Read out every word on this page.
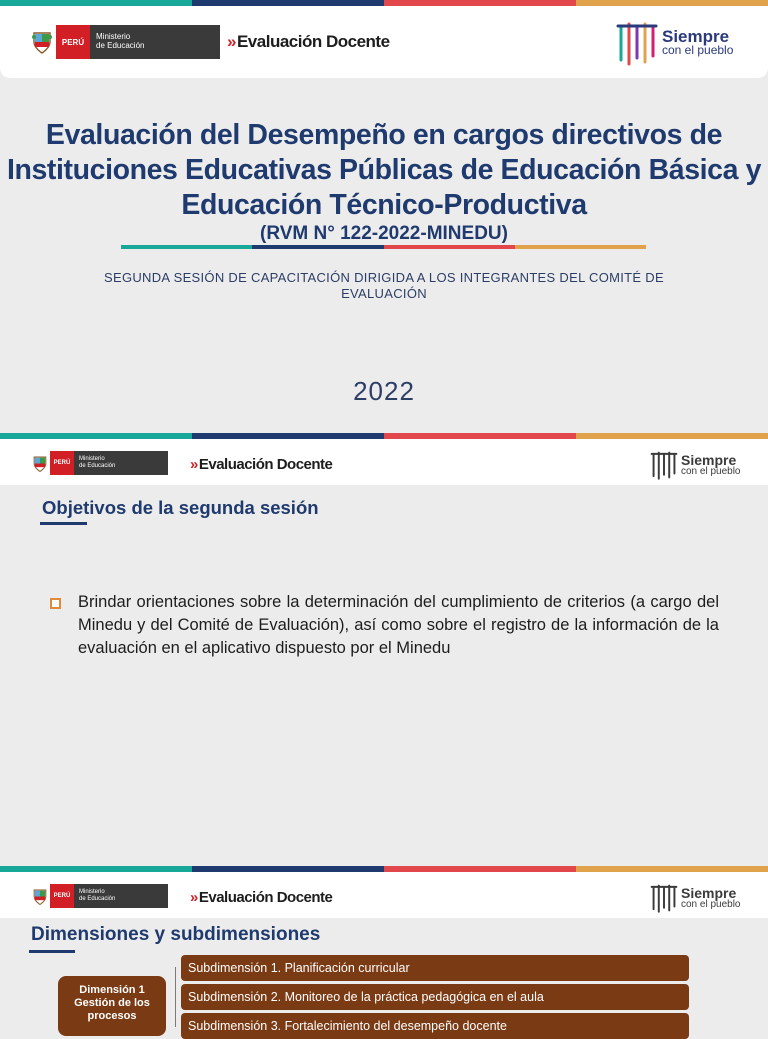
PERÚ
Ministerio
de Educación	»Evaluación Docente	Siempre
con el pueblo
Evaluación del Desempeño en cargos directivos de Instituciones Educativas Públicas de Educación Básica y Educación Técnico-Productiva
(RVM N° 122-2022-MINEDU)
SEGUNDA SESIÓN DE CAPACITACIÓN DIRIGIDA A LOS INTEGRANTES DEL COMITÉ DE EVALUACIÓN
2022
PERÚ
Ministerio
de Educación	»Evaluación Docente	Siempre
con el pueblo
Objetivos de la segunda sesión
Brindar orientaciones sobre la determinación del cumplimiento de criterios (a cargo del Minedu y del Comité de Evaluación), así como sobre el registro de la información de la evaluación en el aplicativo dispuesto por el Minedu
PERÚ
Ministerio
de Educación	»Evaluación Docente	Siempre
con el pueblo
Dimensiones y subdimensiones
Dimensión 1
Gestión de los
procesos
Subdimensión 1. Planificación curricular
Subdimensión 2. Monitoreo de la práctica pedagógica en el aula
Subdimensión 3. Fortalecimiento del desempeño docente
